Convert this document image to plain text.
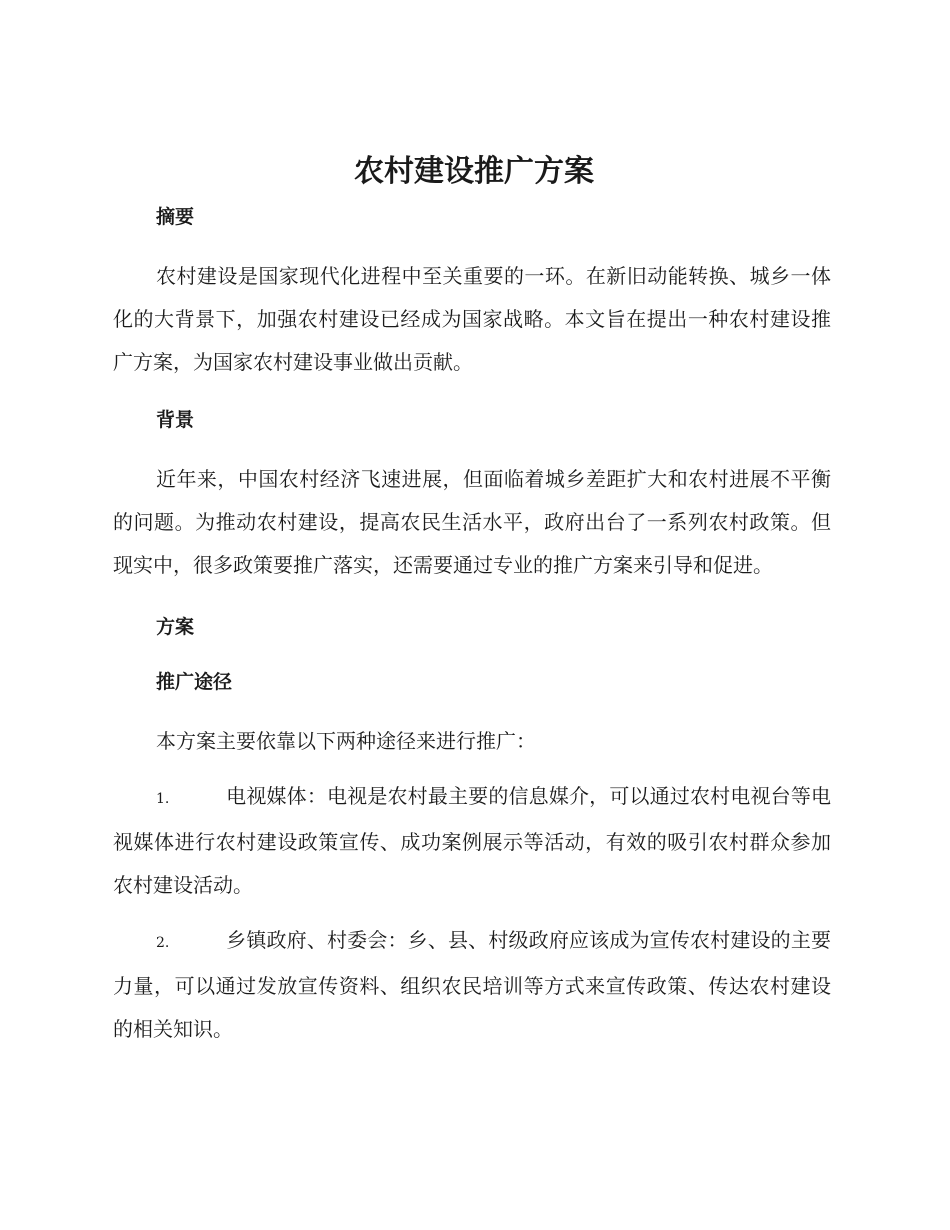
农村建设推广方案
摘要

农村建设是国家现代化进程中至关重要的一环。在新旧动能转换、城乡一体化的大背景下，加强农村建设已经成为国家战略。本文旨在提出一种农村建设推广方案，为国家农村建设事业做出贡献。

背景

近年来，中国农村经济飞速进展，但面临着城乡差距扩大和农村进展不平衡的问题。为推动农村建设，提高农民生活水平，政府出台了一系列农村政策。但现实中，很多政策要推广落实，还需要通过专业的推广方案来引导和促进。

方案
推广途径

本方案主要依靠以下两种途径来进行推广：

1.	电视媒体：电视是农村最主要的信息媒介，可以通过农村电视台等电视媒体进行农村建设政策宣传、成功案例展示等活动，有效的吸引农村群众参加农村建设活动。

2.	乡镇政府、村委会：乡、县、村级政府应该成为宣传农村建设的主要力量，可以通过发放宣传资料、组织农民培训等方式来宣传政策、传达农村建设的相关知识。
